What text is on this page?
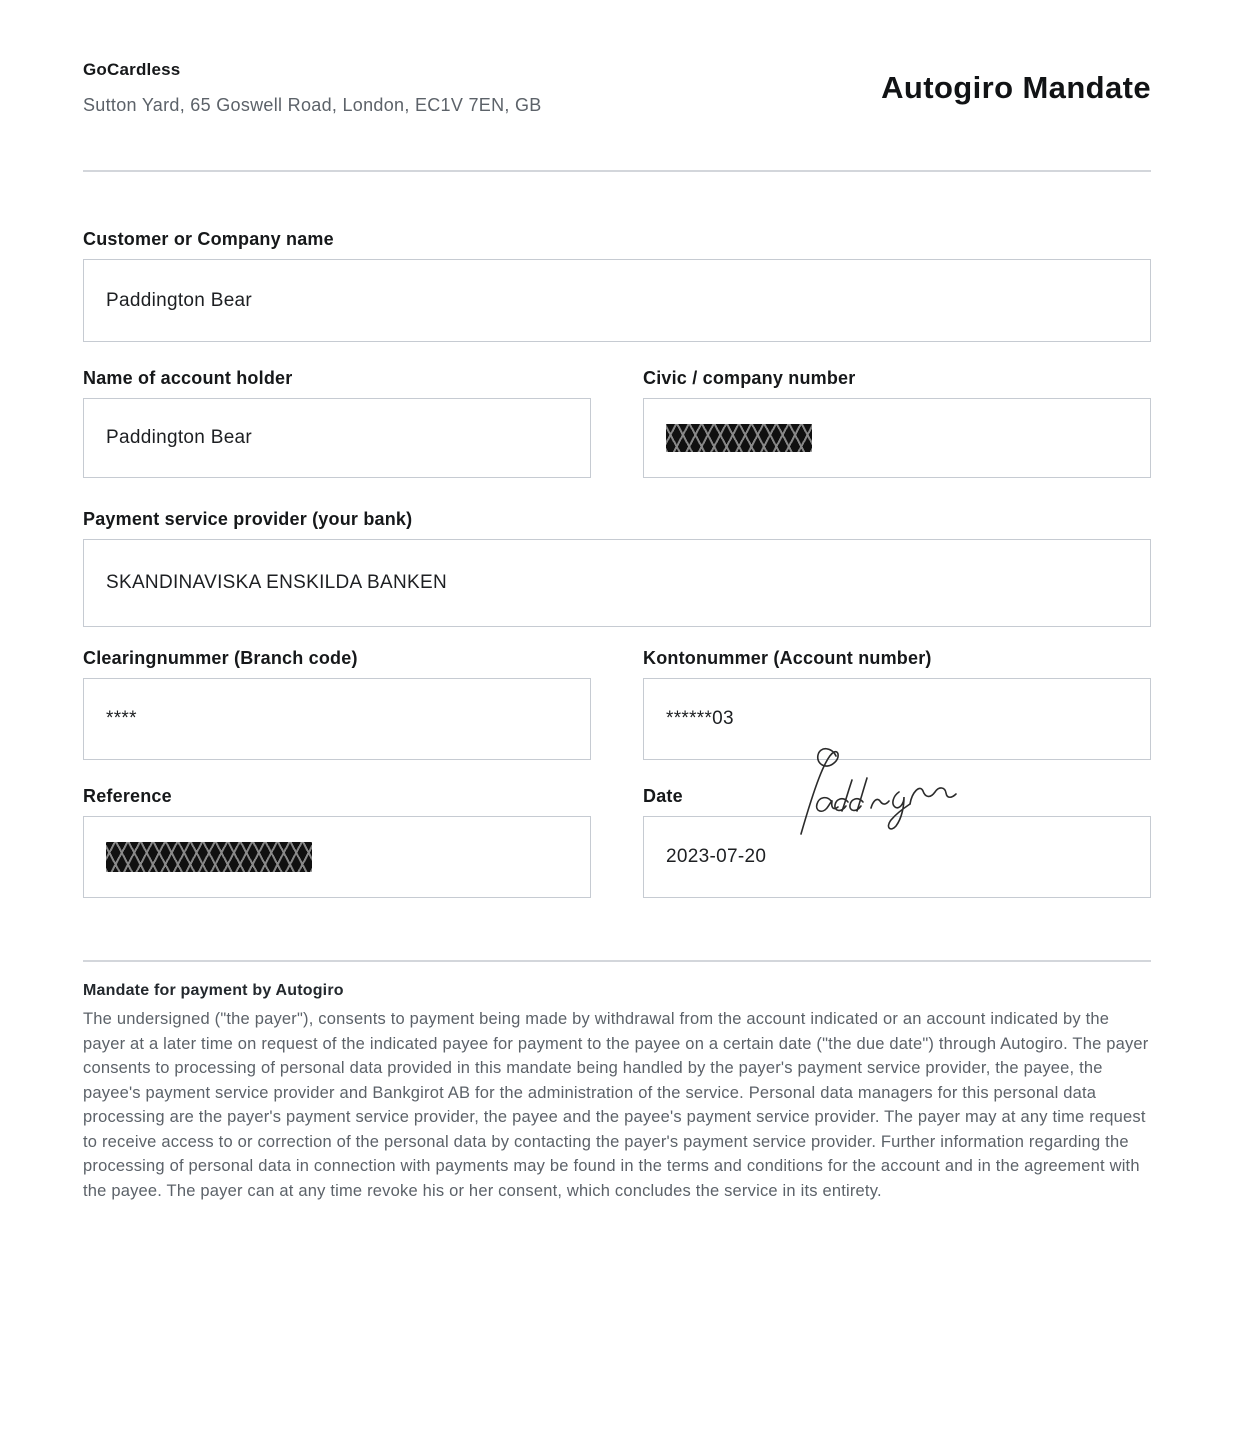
GoCardless
Sutton Yard, 65 Goswell Road, London, EC1V 7EN, GB	Autogiro Mandate
Customer or Company name
Paddington Bear
Name of account holder
Paddington Bear
Civic / company number
Payment service provider (your bank)
SKANDINAVISKA ENSKILDA BANKEN
Clearingnummer (Branch code)
****
Kontonummer (Account number)
******03
Reference	Date
2023-07-20
Mandate for payment by Autogiro

The undersigned ("the payer"), consents to payment being made by withdrawal from the account indicated or an account indicated by the payer at a later time on request of the indicated payee for payment to the payee on a certain date ("the due date") through Autogiro. The payer consents to processing of personal data provided in this mandate being handled by the payer's payment service provider, the payee, the payee's payment service provider and Bankgirot AB for the administration of the service. Personal data managers for this personal data processing are the payer's payment service provider, the payee and the payee's payment service provider. The payer may at any time request to receive access to or correction of the personal data by contacting the payer's payment service provider. Further information regarding the processing of personal data in connection with payments may be found in the terms and conditions for the account and in the agreement with the payee. The payer can at any time revoke his or her consent, which concludes the service in its entirety.
